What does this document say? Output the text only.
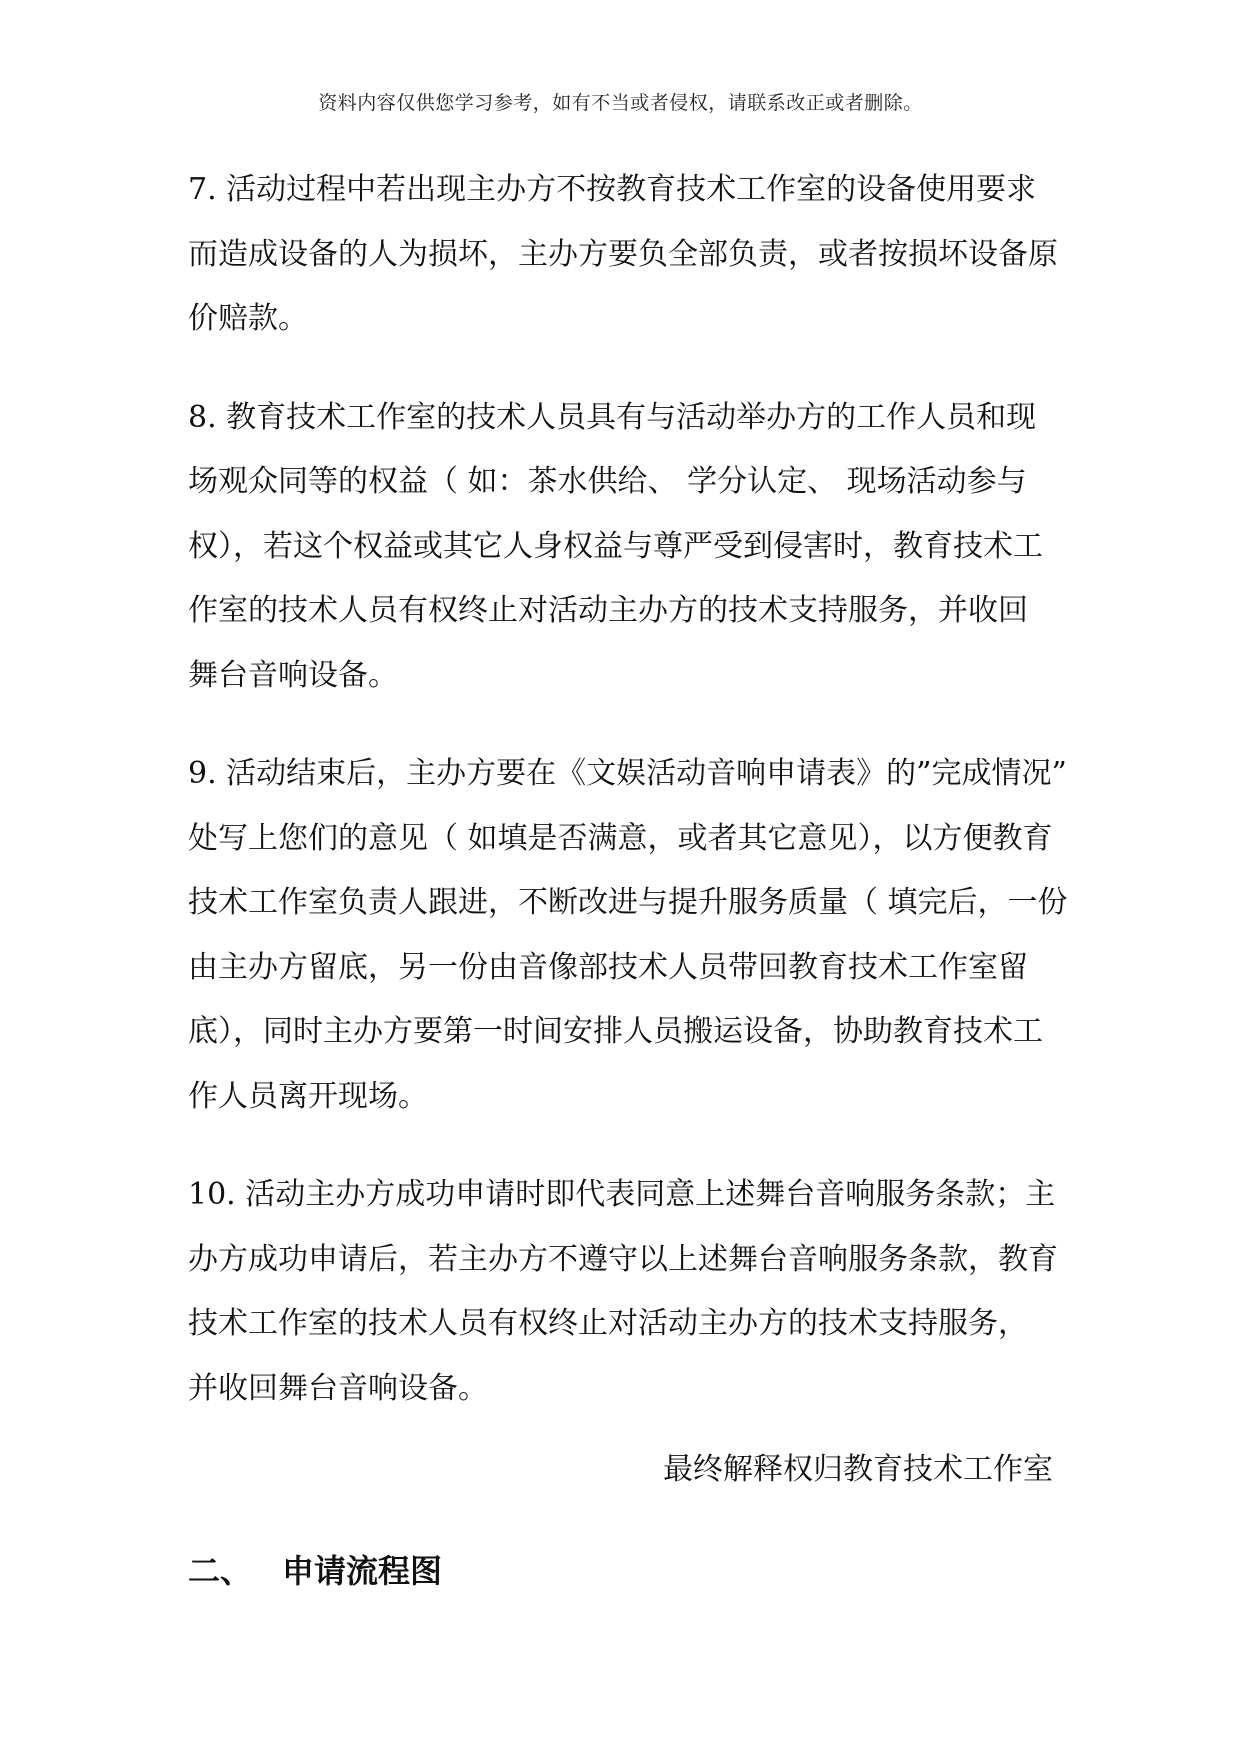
资料内容仅供您学习参考，如有不当或者侵权，请联系改正或者删除。
7. 活动过程中若出现主办方不按教育技术工作室的设备使用要求
而造成设备的人为损坏，主办方要负全部负责，或者按损坏设备原
价赔款。
8. 教育技术工作室的技术人员具有与活动举办方的工作人员和现
场观众同等的权益（ 如：茶水供给、 学分认定、 现场活动参与
权），若这个权益或其它人身权益与尊严受到侵害时，教育技术工
作室的技术人员有权终止对活动主办方的技术支持服务，并收回
舞台音响设备。
9. 活动结束后，主办方要在《文娱活动音响申请表》的”完成情况”
处写上您们的意见（ 如填是否满意，或者其它意见），以方便教育
技术工作室负责人跟进，不断改进与提升服务质量（ 填完后，一份
由主办方留底，另一份由音像部技术人员带回教育技术工作室留
底），同时主办方要第一时间安排人员搬运设备，协助教育技术工
作人员离开现场。
10. 活动主办方成功申请时即代表同意上述舞台音响服务条款；主
办方成功申请后，若主办方不遵守以上述舞台音响服务条款，教育
技术工作室的技术人员有权终止对活动主办方的技术支持服务，
并收回舞台音响设备。
最终解释权归教育技术工作室
二、 申请流程图
